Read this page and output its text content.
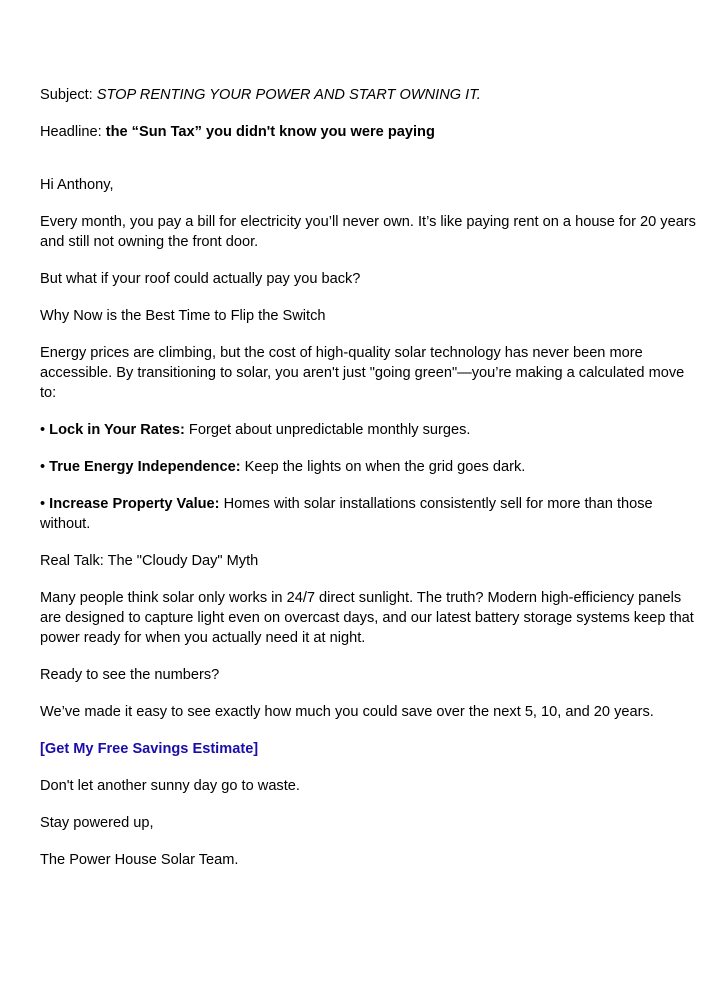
Subject: STOP RENTING YOUR POWER AND START OWNING IT.

Headline: the “Sun Tax” you didn't know you were paying

Hi Anthony,

Every month, you pay a bill for electricity you’ll never own. It’s like paying rent on a house for 20 years and still not owning the front door.

But what if your roof could actually pay you back?

Why Now is the Best Time to Flip the Switch

Energy prices are climbing, but the cost of high-quality solar technology has never been more accessible. By transitioning to solar, you aren't just "going green"—you’re making a calculated move to:

• Lock in Your Rates: Forget about unpredictable monthly surges.

• True Energy Independence: Keep the lights on when the grid goes dark.

• Increase Property Value: Homes with solar installations consistently sell for more than those without.

Real Talk: The "Cloudy Day" Myth

Many people think solar only works in 24/7 direct sunlight. The truth? Modern high-efficiency panels are designed to capture light even on overcast days, and our latest battery storage systems keep that power ready for when you actually need it at night.

Ready to see the numbers?

We’ve made it easy to see exactly how much you could save over the next 5, 10, and 20 years.

[Get My Free Savings Estimate]

Don't let another sunny day go to waste.

Stay powered up,

The Power House Solar Team.
